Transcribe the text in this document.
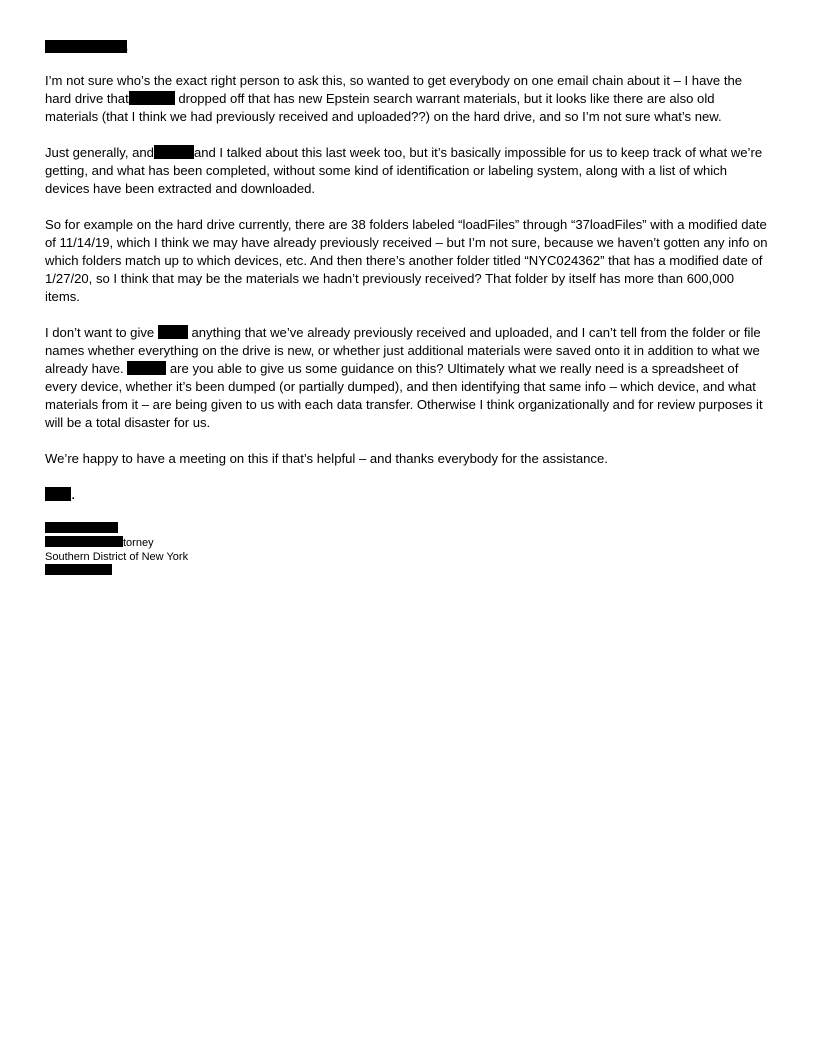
,

I’m not sure who’s the exact right person to ask this, so wanted to get everybody on one email chain about it – I have the hard drive that	dropped off that has new Epstein search warrant materials, but it looks like there are also old materials (that I think we had previously received and uploaded??) on the hard drive, and so I’m not sure what’s new.

Just generally, and	and I talked about this last week too, but it’s basically impossible for us to keep track of what we’re getting, and what has been completed, without some kind of identification or labeling system, along with a list of which devices have been extracted and downloaded.

So for example on the hard drive currently, there are 38 folders labeled “loadFiles” through “37loadFiles” with a modified date of 11/14/19, which I think we may have already previously received – but I’m not sure, because we haven’t gotten any info on which folders match up to which devices, etc. And then there’s another folder titled “NYC024362” that has a modified date of 1/27/20, so I think that may be the materials we hadn’t previously received? That folder by itself has more than 600,000 items.

I don’t want to give	anything that we’ve already previously received and uploaded, and I can’t tell from the folder or file names whether everything on the drive is new, or whether just additional materials were saved onto it in addition to what we already have.	are you able to give us some guidance on this? Ultimately what we really need is a spreadsheet of every device, whether it’s been dumped (or partially dumped), and then identifying that same info – which device, and what materials from it – are being given to us with each data transfer. Otherwise I think organizationally and for review purposes it will be a total disaster for us.

We’re happy to have a meeting on this if that’s helpful – and thanks everybody for the assistance.

.
torney
Southern District of New York
